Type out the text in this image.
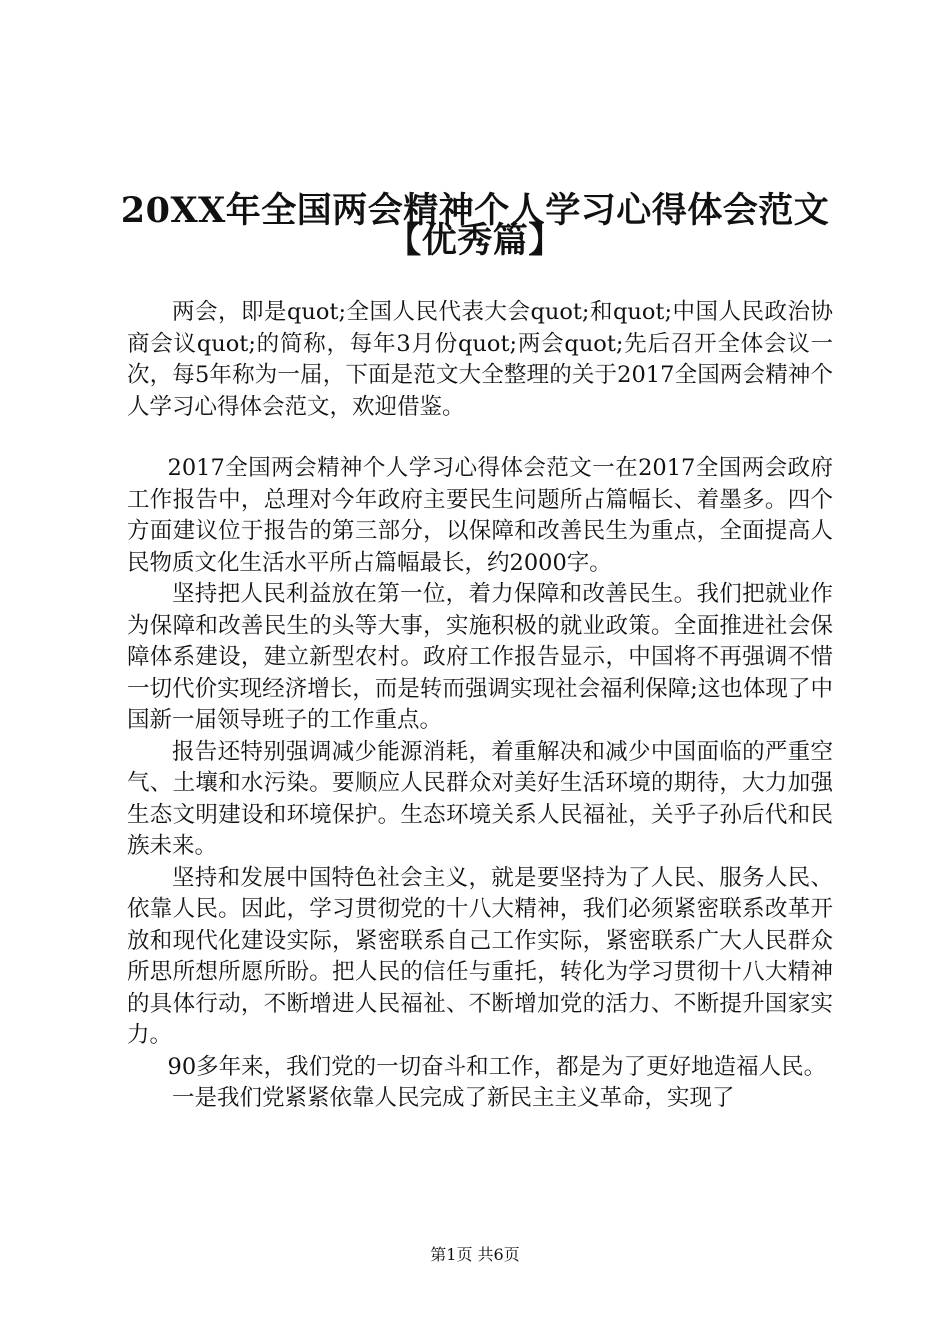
20XX年全国两会精神个人学习心得体会范文
【优秀篇】

两会，即是quot;全国人民代表大会quot;和quot;中国人民政治协商会议quot;的简称，每年3月份quot;两会quot;先后召开全体会议一次，每5年称为一届，下面是范文大全整理的关于2017全国两会精神个人学习心得体会范文，欢迎借鉴。

2017全国两会精神个人学习心得体会范文一在2017全国两会政府工作报告中，总理对今年政府主要民生问题所占篇幅长、着墨多。四个方面建议位于报告的第三部分，以保障和改善民生为重点，全面提高人民物质文化生活水平所占篇幅最长，约2000字。

坚持把人民利益放在第一位，着力保障和改善民生。我们把就业作为保障和改善民生的头等大事，实施积极的就业政策。全面推进社会保障体系建设，建立新型农村。政府工作报告显示，中国将不再强调不惜一切代价实现经济增长，而是转而强调实现社会福利保障;这也体现了中国新一届领导班子的工作重点。

报告还特别强调减少能源消耗，着重解决和减少中国面临的严重空气、土壤和水污染。要顺应人民群众对美好生活环境的期待，大力加强生态文明建设和环境保护。生态环境关系人民福祉，关乎子孙后代和民族未来。

坚持和发展中国特色社会主义，就是要坚持为了人民、服务人民、依靠人民。因此，学习贯彻党的十八大精神，我们必须紧密联系改革开放和现代化建设实际，紧密联系自己工作实际，紧密联系广大人民群众所思所想所愿所盼。把人民的信任与重托，转化为学习贯彻十八大精神的具体行动，不断增进人民福祉、不断增加党的活力、不断提升国家实力。

90多年来，我们党的一切奋斗和工作，都是为了更好地造福人民。

一是我们党紧紧依靠人民完成了新民主主义革命，实现了

第1页 共6页
